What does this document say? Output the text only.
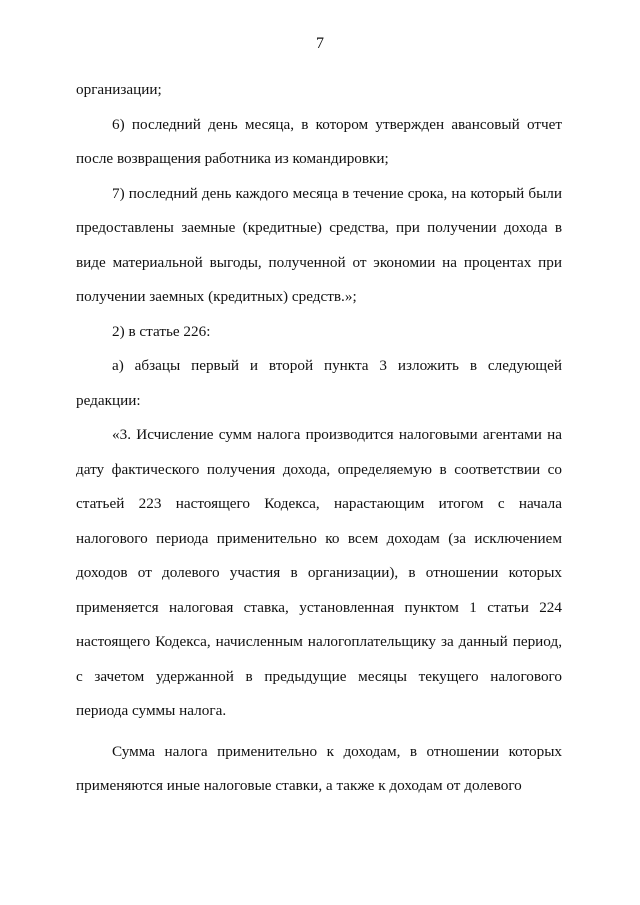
7

организации;

6) последний день месяца, в котором утвержден авансовый отчет после возвращения работника из командировки;

7) последний день каждого месяца в течение срока, на который были предоставлены заемные (кредитные) средства, при получении дохода в виде материальной выгоды, полученной от экономии на процентах при получении заемных (кредитных) средств.»;

2) в статье 226:

а) абзацы первый и второй пункта 3 изложить в следующей редакции:

«3. Исчисление сумм налога производится налоговыми агентами на дату фактического получения дохода, определяемую в соответствии со статьей 223 настоящего Кодекса, нарастающим итогом с начала налогового периода применительно ко всем доходам (за исключением доходов от долевого участия в организации), в отношении которых применяется налоговая ставка, установленная пунктом 1 статьи 224 настоящего Кодекса, начисленным налогоплательщику за данный период, с зачетом удержанной в предыдущие месяцы текущего налогового периода суммы налога.

Сумма налога применительно к доходам, в отношении которых применяются иные налоговые ставки, а также к доходам от долевого
